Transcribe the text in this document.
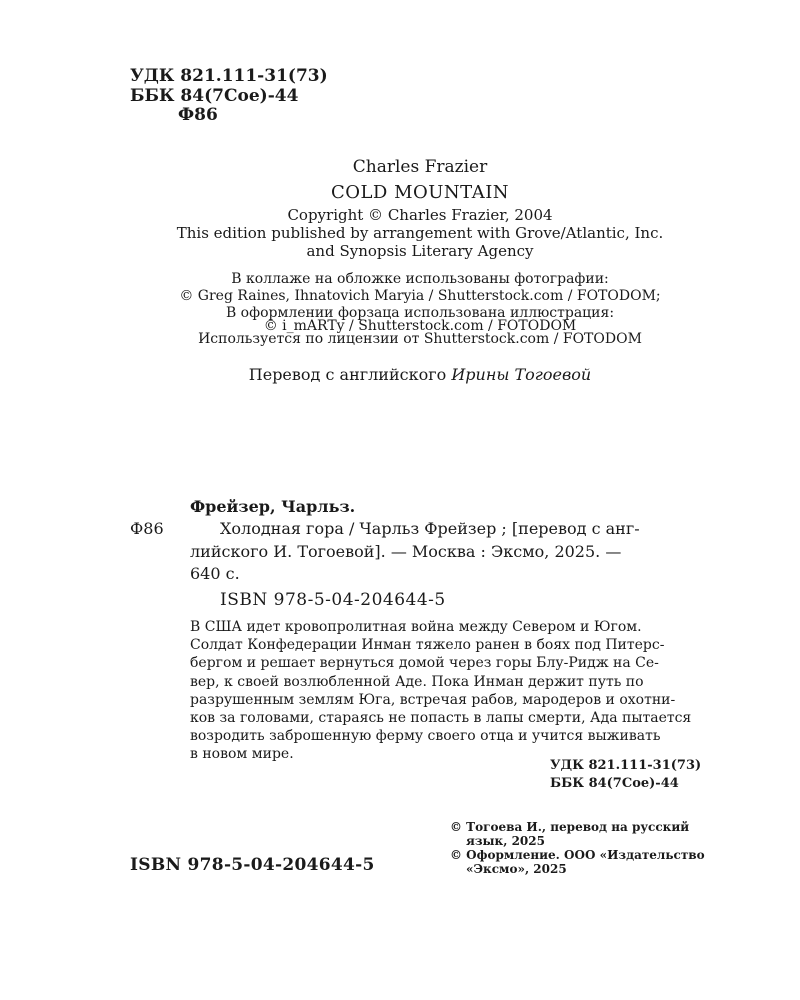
УДК 821.111-31(73)
ББК 84(7Сое)-44
Ф86
Charles Frazier
COLD MOUNTAIN
Copyright © Charles Frazier, 2004
This edition published by arrangement with Grove/Atlantic, Inc.
and Synopsis Literary Agency
В коллаже на обложке использованы фотографии:
© Greg Raines, Ihnatovich Maryia / Shutterstock.com / FOTODOM;
В оформлении форзаца использована иллюстрация:
© i_mARTy / Shutterstock.com / FOTODOM
Используется по лицензии от Shutterstock.com / FOTODOM
Перевод с английского Ирины Тогоевой
Фрейзер, Чарльз.
Ф86	Холодная гора / Чарльз Фрейзер ; [перевод с анг-
лийского И. Тогоевой]. — Москва : Эксмо, 2025. —
640 с.
ISBN 978-5-04-204644-5
В США идет кровопролитная война между Севером и Югом.
Солдат Конфедерации Инман тяжело ранен в боях под Питерс-
бергом и решает вернуться домой через горы Блу-Ридж на Се-
вер, к своей возлюбленной Аде. Пока Инман держит путь по
разрушенным землям Юга, встречая рабов, мародеров и охотни-
ков за головами, стараясь не попасть в лапы смерти, Ада пытается
возродить заброшенную ферму своего отца и учится выживать
в новом мире.
УДК 821.111-31(73)
ББК 84(7Сое)-44
© Тогоева И., перевод на русский
язык, 2025
© Оформление. ООО «Издательство
«Эксмо», 2025
ISBN 978-5-04-204644-5
